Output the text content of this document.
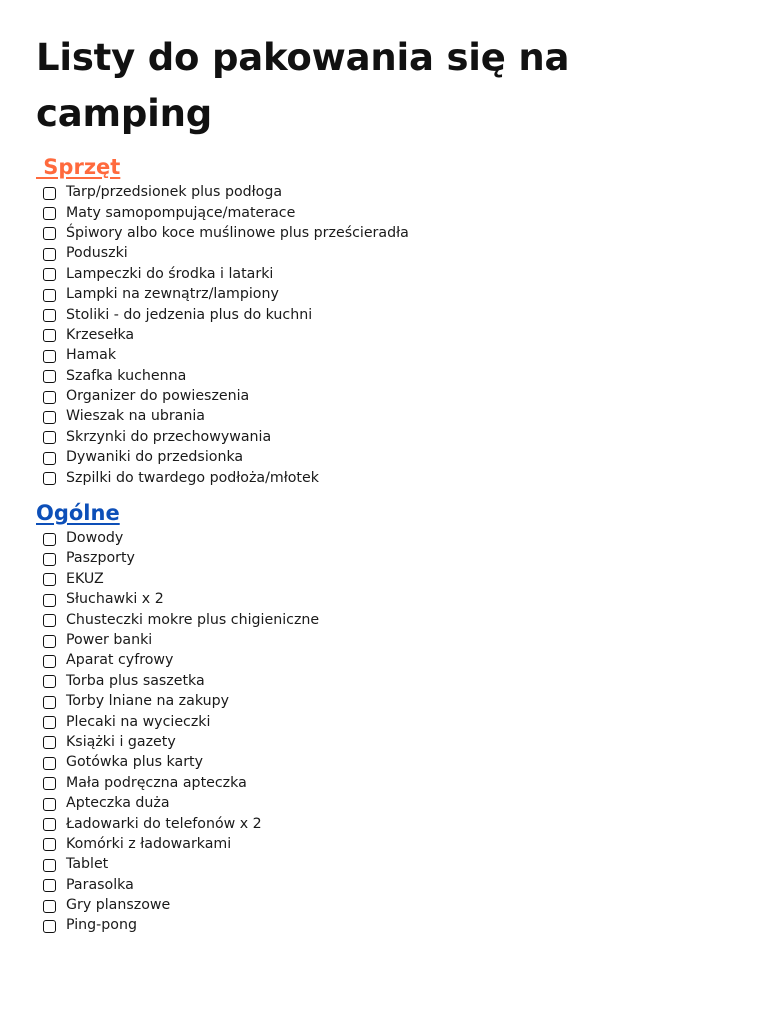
Listy do pakowania się na camping
Sprzęt
Tarp/przedsionek plus podłoga
Maty samopompujące/materace
Śpiwory albo koce muślinowe plus prześcieradła
Poduszki
Lampeczki do środka i latarki
Lampki na zewnątrz/lampiony
Stoliki - do jedzenia plus do kuchni
Krzesełka
Hamak
Szafka kuchenna
Organizer do powieszenia
Wieszak na ubrania
Skrzynki do przechowywania
Dywaniki do przedsionka
Szpilki do twardego podłoża/młotek
Ogólne
Dowody
Paszporty
EKUZ
Słuchawki x 2
Chusteczki mokre plus chigieniczne
Power banki
Aparat cyfrowy
Torba plus saszetka
Torby lniane na zakupy
Plecaki na wycieczki
Książki i gazety
Gotówka plus karty
Mała podręczna apteczka
Apteczka duża
Ładowarki do telefonów x 2
Komórki z ładowarkami
Tablet
Parasolka
Gry planszowe
Ping-pong
